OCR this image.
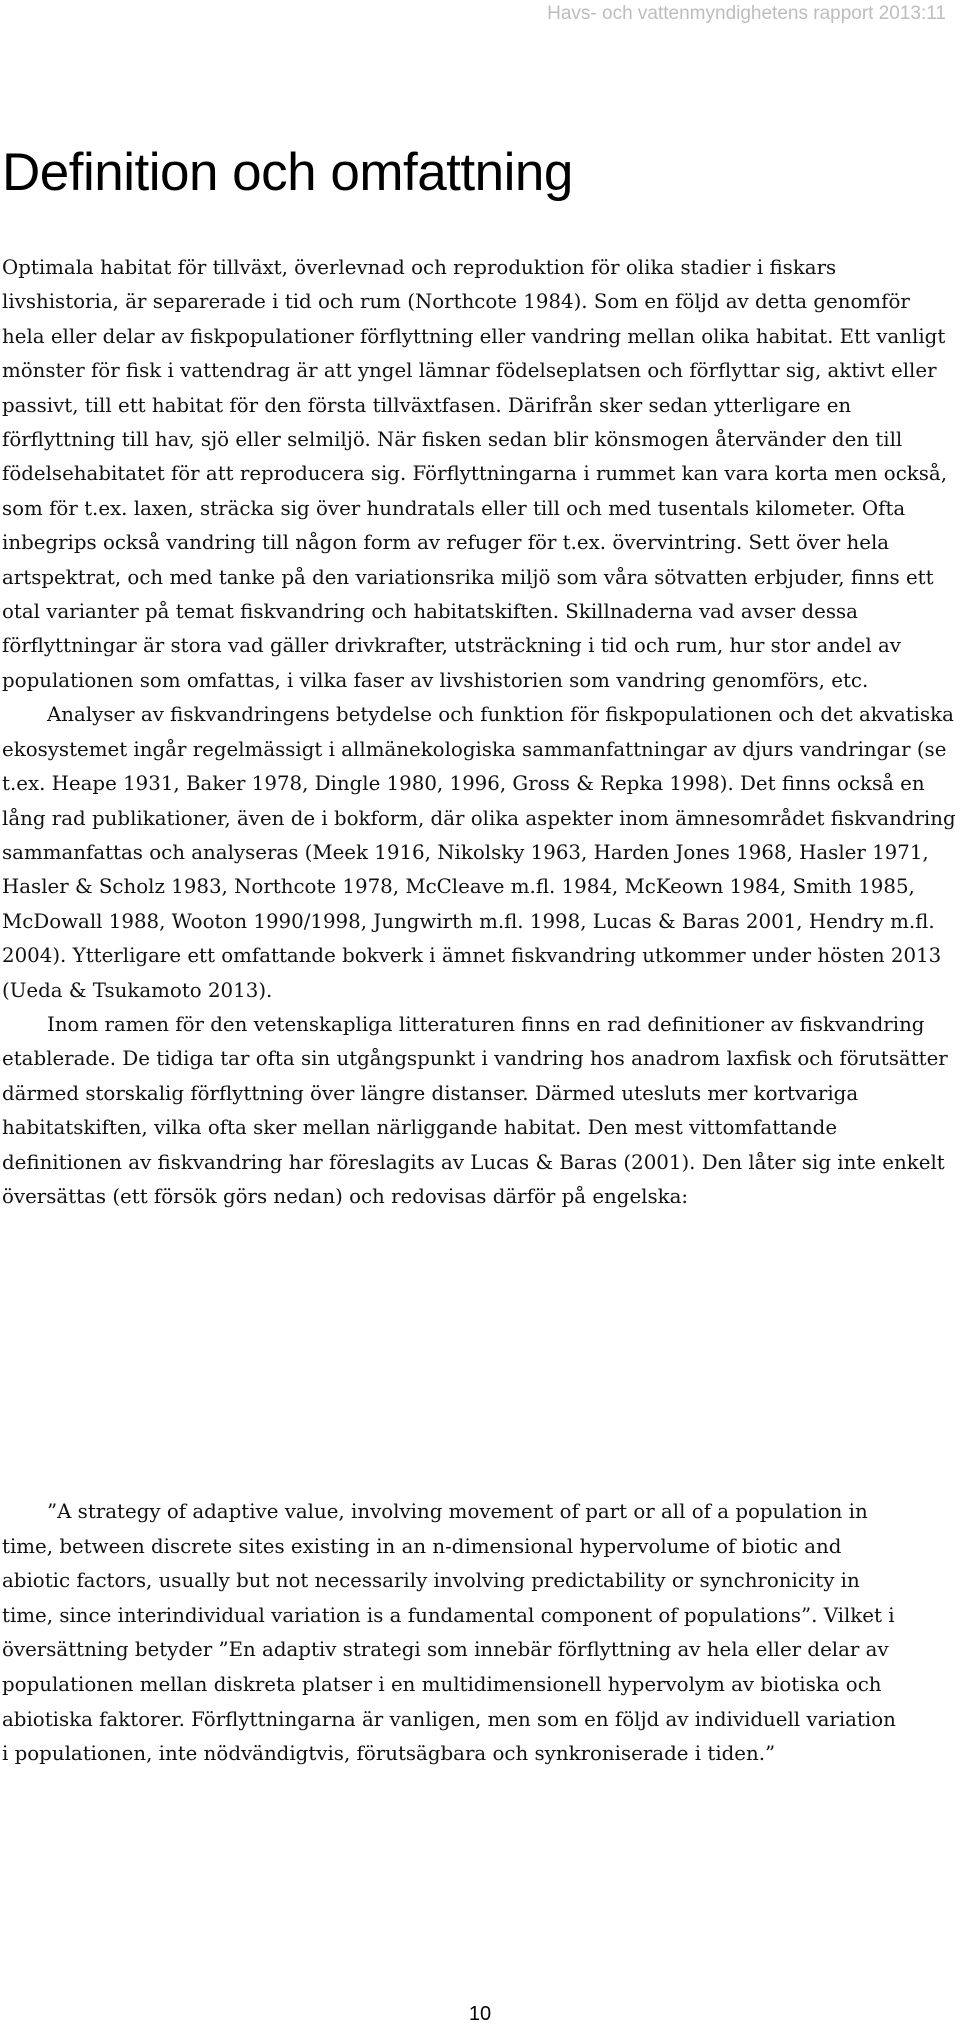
Havs- och vattenmyndighetens rapport 2013:11
Definition och omfattning

Optimala habitat för tillväxt, överlevnad och reproduktion för olika stadier i fiskars livshistoria, är separerade i tid och rum (Northcote 1984). Som en följd av detta genomför hela eller delar av fiskpopulationer förflyttning eller vandring mellan olika habitat. Ett vanligt mönster för fisk i vattendrag är att yngel lämnar födelseplatsen och förflyttar sig, aktivt eller passivt, till ett habitat för den första tillväxtfasen. Därifrån sker sedan ytterligare en förflyttning till hav, sjö eller selmiljö. När fisken sedan blir könsmogen återvänder den till födelsehabitatet för att reproducera sig. Förflyttningarna i rummet kan vara korta men också, som för t.ex. laxen, sträcka sig över hundratals eller till och med tusentals kilometer. Ofta inbegrips också vandring till någon form av refuger för t.ex. övervintring. Sett över hela artspektrat, och med tanke på den variationsrika miljö som våra sötvatten erbjuder, finns ett otal varianter på temat fiskvandring och habitatskiften. Skillnaderna vad avser dessa förflyttningar är stora vad gäller drivkrafter, utsträckning i tid och rum, hur stor andel av populationen som omfattas, i vilka faser av livshistorien som vandring genomförs, etc.

Analyser av fiskvandringens betydelse och funktion för fiskpopulationen och det akvatiska ekosystemet ingår regelmässigt i allmänekologiska sammanfattningar av djurs vandringar (se t.ex. Heape 1931, Baker 1978, Dingle 1980, 1996, Gross & Repka 1998). Det finns också en lång rad publikationer, även de i bokform, där olika aspekter inom ämnesområdet fiskvandring sammanfattas och analyseras (Meek 1916, Nikolsky 1963, Harden Jones 1968, Hasler 1971, Hasler & Scholz 1983, Northcote 1978, McCleave m.fl. 1984, McKeown 1984, Smith 1985, McDowall 1988, Wooton 1990/1998, Jungwirth m.fl. 1998, Lucas & Baras 2001, Hendry m.fl. 2004). Ytterligare ett omfattande bokverk i ämnet fiskvandring utkommer under hösten 2013 (Ueda & Tsukamoto 2013).

Inom ramen för den vetenskapliga litteraturen finns en rad definitioner av fiskvandring etablerade. De tidiga tar ofta sin utgångspunkt i vandring hos anadrom laxfisk och förutsätter därmed storskalig förflyttning över längre distanser. Därmed utesluts mer kortvariga habitatskiften, vilka ofta sker mellan närliggande habitat. Den mest vittomfattande definitionen av fiskvandring har föreslagits av Lucas & Baras (2001). Den låter sig inte enkelt översättas (ett försök görs nedan) och redovisas därför på engelska:

”A strategy of adaptive value, involving movement of part or all of a population in time, between discrete sites existing in an n-dimensional hypervolume of biotic and abiotic factors, usually but not necessarily involving predictability or synchronicity in time, since interindividual variation is a fundamental component of populations”. Vilket i översättning betyder ”En adaptiv strategi som innebär förflyttning av hela eller delar av populationen mellan diskreta platser i en multidimensionell hypervolym av biotiska och abiotiska faktorer. Förflyttningarna är vanligen, men som en följd av individuell variation i populationen, inte nödvändigtvis, förutsägbara och synkroniserade i tiden.”

10
